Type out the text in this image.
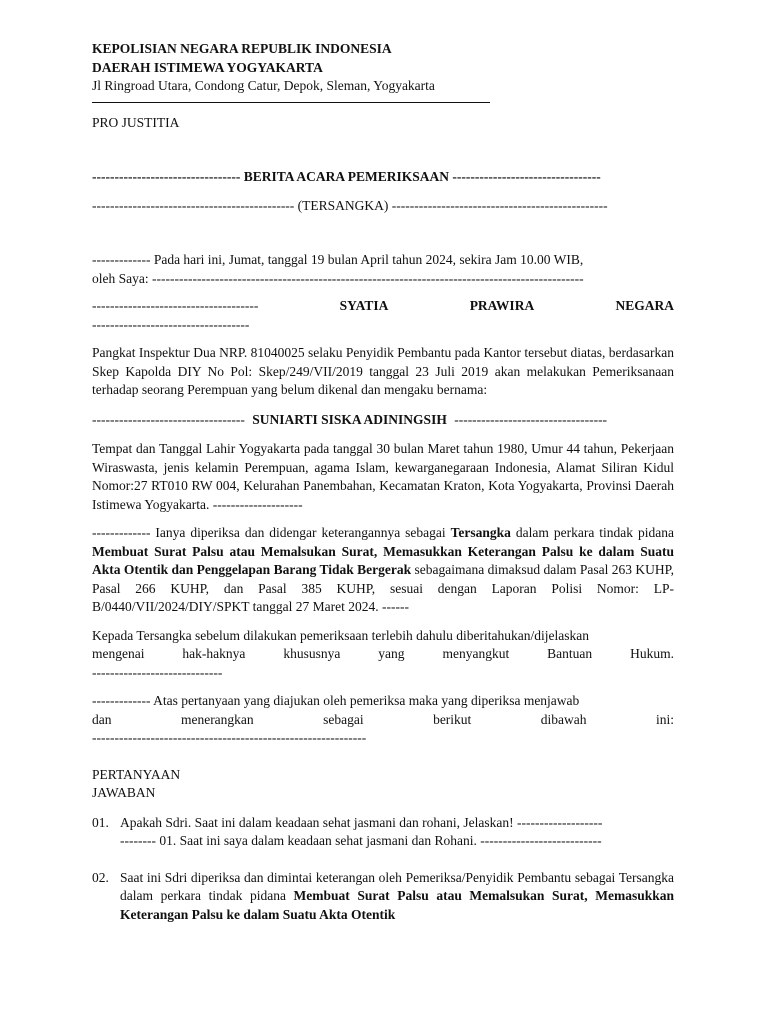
KEPOLISIAN NEGARA REPUBLIK INDONESIA
DAERAH ISTIMEWA YOGYAKARTA
Jl Ringroad Utara, Condong Catur, Depok, Sleman, Yogyakarta
PRO JUSTITIA
--------------------------------- BERITA ACARA PEMERIKSAAN ---------------------------------
--------------------------------------------- (TERSANGKA) ------------------------------------------------
------------- Pada hari ini, Jumat, tanggal 19 bulan April tahun 2024, sekira Jam 10.00 WIB,
oleh Saya: ------------------------------------------------------------------------------------------------
-------------------------------------	SYATIA	PRAWIRA	NEGARA
-----------------------------------
Pangkat Inspektur Dua NRP. 81040025 selaku Penyidik Pembantu pada Kantor tersebut diatas, berdasarkan Skep Kapolda DIY No Pol: Skep/249/VII/2019 tanggal 23 Juli 2019 akan melakukan Pemeriksanaan terhadap seorang Perempuan yang belum dikenal dan mengaku bernama:
---------------------------------- SUNIARTI SISKA ADININGSIH ----------------------------------
Tempat dan Tanggal Lahir Yogyakarta pada tanggal 30 bulan Maret tahun 1980, Umur 44 tahun, Pekerjaan Wiraswasta, jenis kelamin Perempuan, agama Islam, kewarganegaraan Indonesia, Alamat Siliran Kidul Nomor:27 RT010 RW 004, Kelurahan Panembahan, Kecamatan Kraton, Kota Yogyakarta, Provinsi Daerah Istimewa Yogyakarta. --------------------
------------- Ianya diperiksa dan didengar keterangannya sebagai Tersangka dalam perkara tindak pidana Membuat Surat Palsu atau Memalsukan Surat, Memasukkan Keterangan Palsu ke dalam Suatu Akta Otentik dan Penggelapan Barang Tidak Bergerak sebagaimana dimaksud dalam Pasal 263 KUHP, Pasal 266 KUHP, dan Pasal 385 KUHP, sesuai dengan Laporan Polisi Nomor: LP-B/0440/VII/2024/DIY/SPKT tanggal 27 Maret 2024. ------
Kepada Tersangka sebelum dilakukan pemeriksaan terlebih dahulu diberitahukan/dijelaskan
mengenai	hak-haknya	khususnya	yang	menyangkut	Bantuan	Hukum.
-----------------------------
------------- Atas pertanyaan yang diajukan oleh pemeriksa maka yang diperiksa menjawab
dan	menerangkan	sebagai	berikut	dibawah	ini:
-------------------------------------------------------------
PERTANYAAN
JAWABAN
01. Apakah Sdri. Saat ini dalam keadaan sehat jasmani dan rohani, Jelaskan! -------------------
-------- 01. Saat ini saya dalam keadaan sehat jasmani dan Rohani. ---------------------------
02. Saat ini Sdri diperiksa dan dimintai keterangan oleh Pemeriksa/Penyidik Pembantu sebagai Tersangka dalam perkara tindak pidana Membuat Surat Palsu atau Memalsukan Surat, Memasukkan Keterangan Palsu ke dalam Suatu Akta Otentik
